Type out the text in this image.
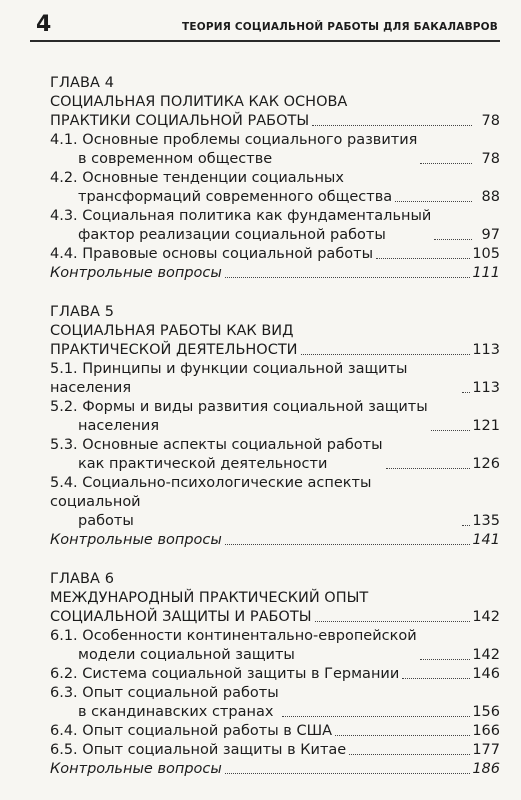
4	ТЕОРИЯ СОЦИАЛЬНОЙ РАБОТЫ ДЛЯ БАКАЛАВРОВ
ГЛАВА 4
СОЦИАЛЬНАЯ ПОЛИТИКА КАК ОСНОВА
ПРАКТИКИ СОЦИАЛЬНОЙ РАБОТЫ	78
4.1. Основные проблемы социального развития
в современном обществе	78
4.2. Основные тенденции социальных
трансформаций современного общества	88
4.3. Социальная политика как фундаментальный
фактор реализации социальной работы	97
4.4. Правовые основы социальной работы	105
Контрольные вопросы	111
ГЛАВА 5
СОЦИАЛЬНАЯ РАБОТЫ КАК ВИД
ПРАКТИЧЕСКОЙ ДЕЯТЕЛЬНОСТИ	113
5.1. Принципы и функции социальной защиты населения	113
5.2. Формы и виды развития социальной защиты
населения	121
5.3. Основные аспекты социальной работы
как практической деятельности	126
5.4. Социально-психологические аспекты социальной
работы	135
Контрольные вопросы	141
ГЛАВА 6
МЕЖДУНАРОДНЫЙ ПРАКТИЧЕСКИЙ ОПЫТ
СОЦИАЛЬНОЙ ЗАЩИТЫ И РАБОТЫ	142
6.1. Особенности континентально-европейской
модели социальной защиты	142
6.2. Система социальной защиты в Германии	146
6.3. Опыт социальной работы
в скандинавских странах	156
6.4. Опыт социальной работы в США	166
6.5. Опыт социальной защиты в Китае	177
Контрольные вопросы	186
